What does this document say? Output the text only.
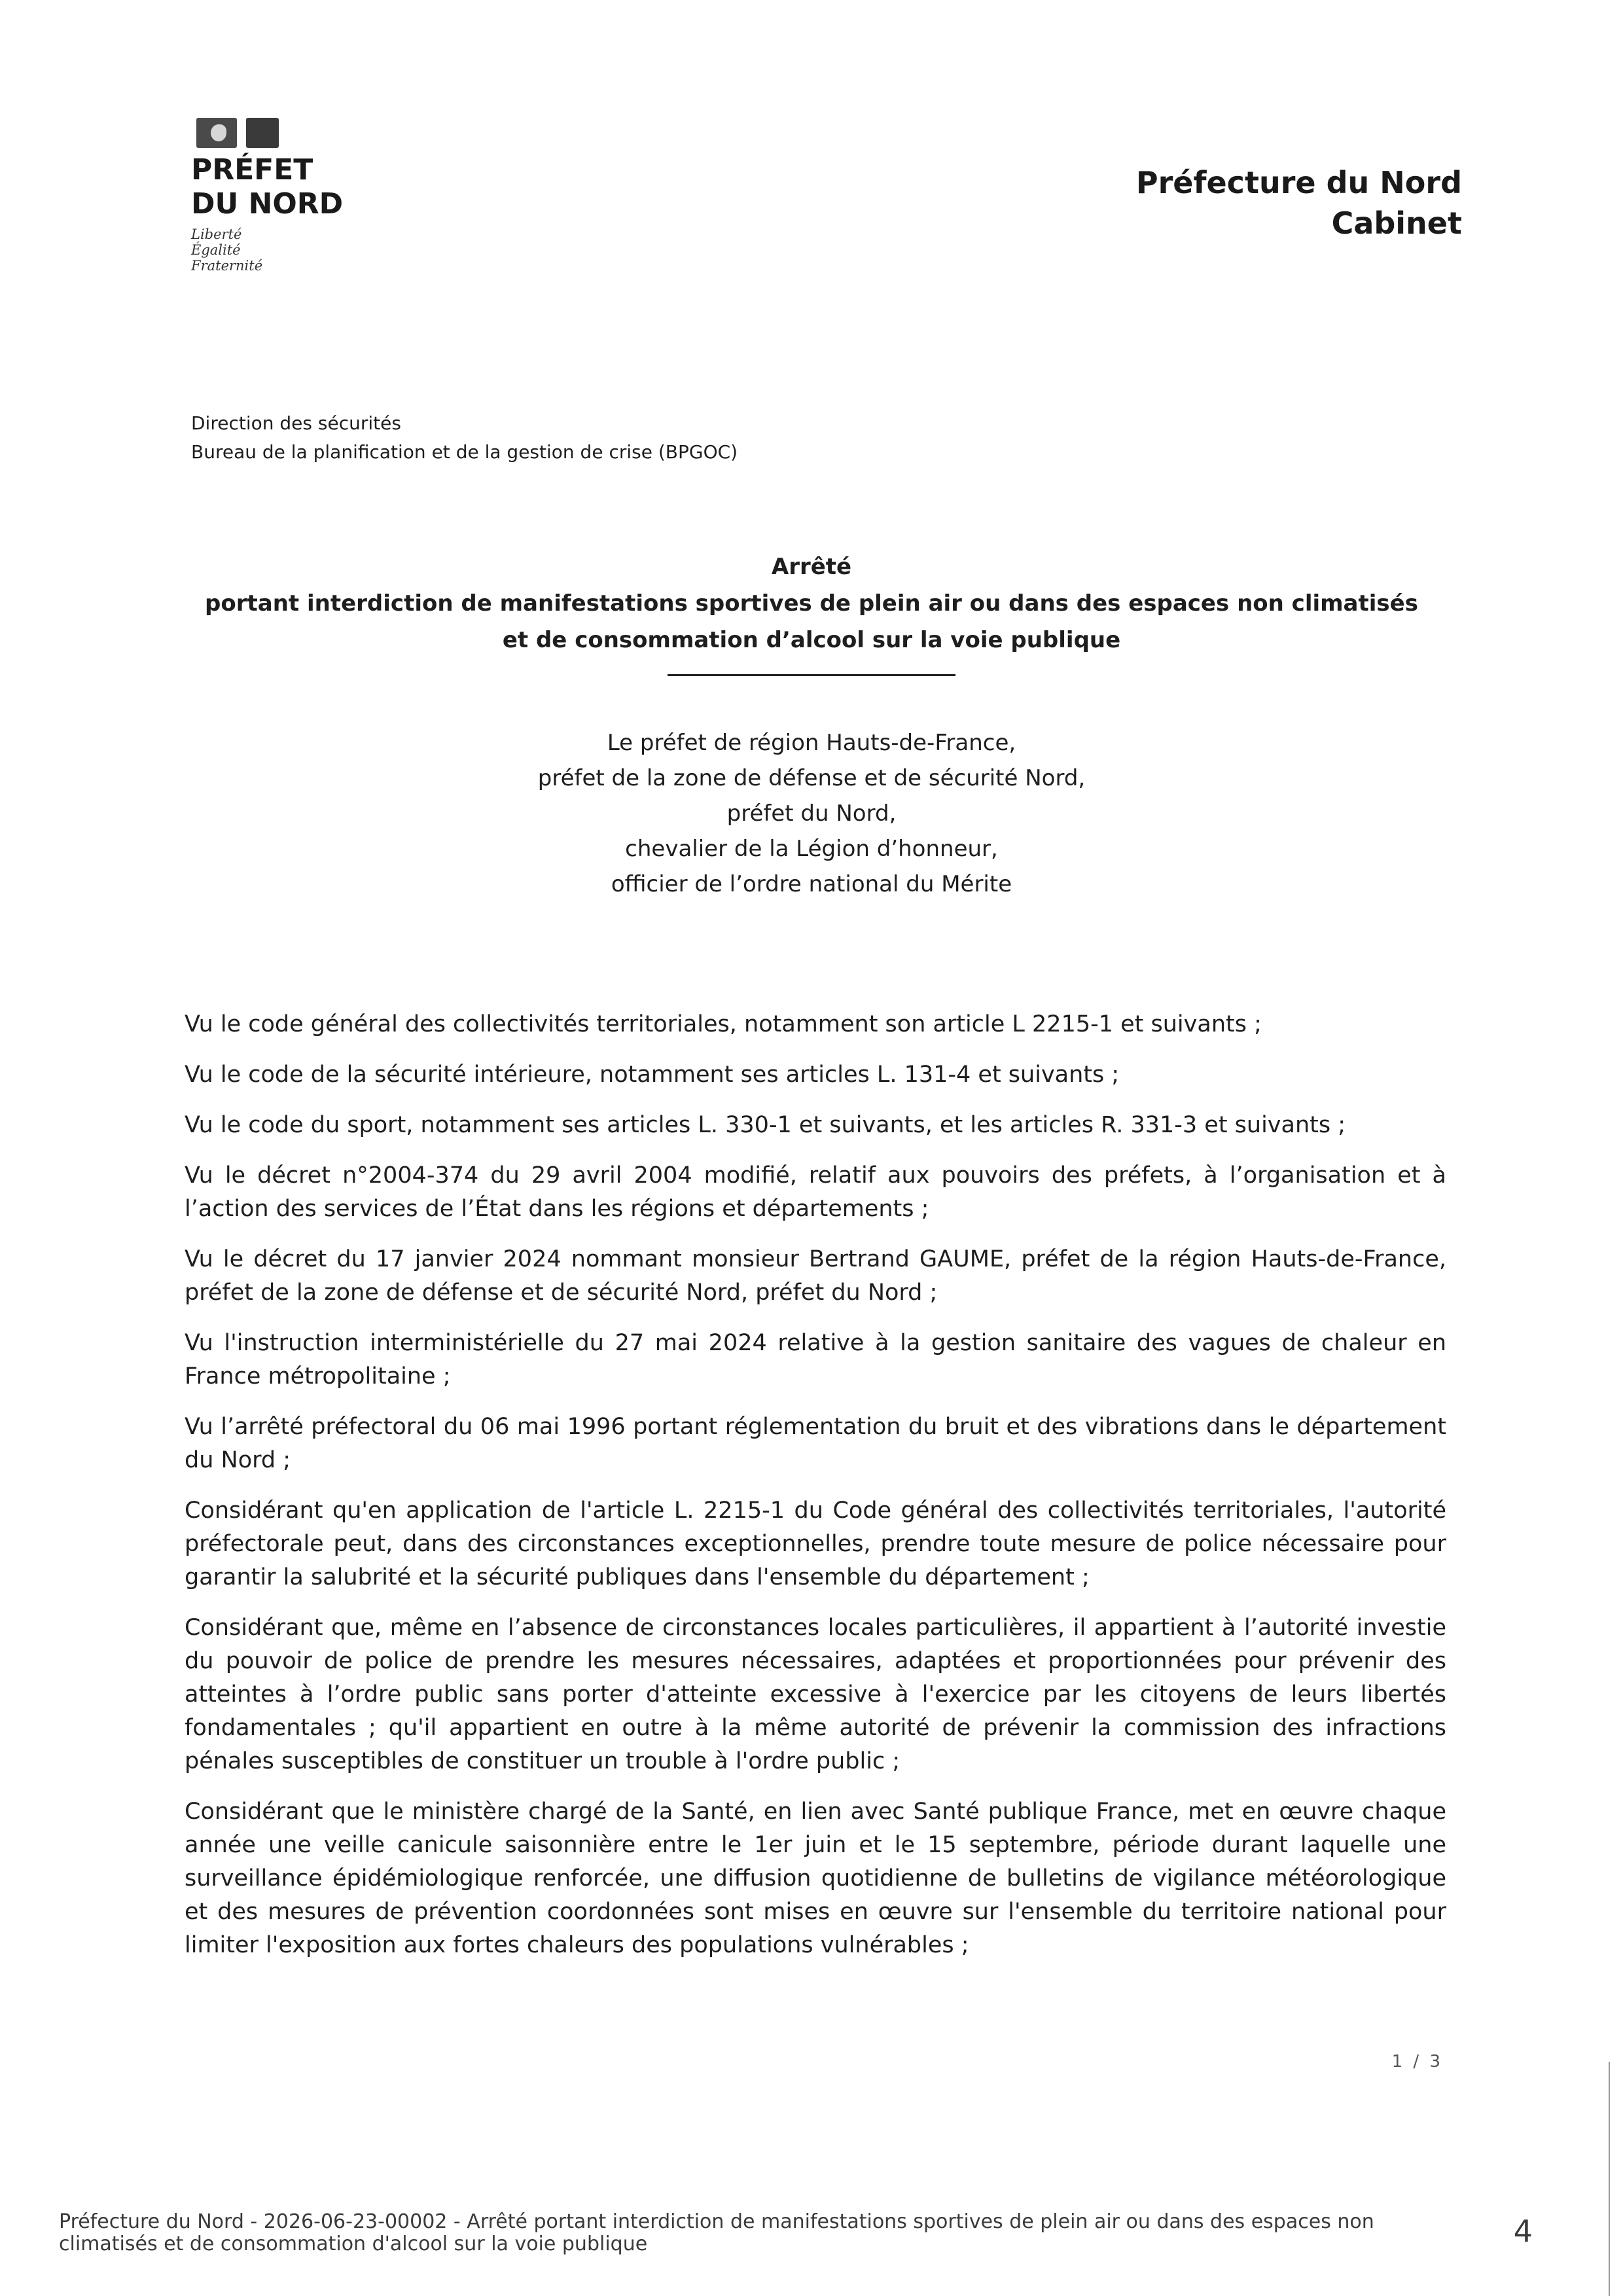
PRÉFET
DU NORD
Liberté
Égalité
Fraternité
Préfecture du Nord
Cabinet
Direction des sécurités
Bureau de la planification et de la gestion de crise (BPGOC)
Arrêté
portant interdiction de manifestations sportives de plein air ou dans des espaces non climatisés
et de consommation d’alcool sur la voie publique
Le préfet de région Hauts-de-France,
préfet de la zone de défense et de sécurité Nord,
préfet du Nord,
chevalier de la Légion d’honneur,
officier de l’ordre national du Mérite

Vu le code général des collectivités territoriales, notamment son article L 2215-1 et suivants ;

Vu le code de la sécurité intérieure, notamment ses articles L. 131-4 et suivants ;

Vu le code du sport, notamment ses articles L. 330-1 et suivants, et les articles R. 331-3 et suivants ;

Vu le décret n°2004-374 du 29 avril 2004 modifié, relatif aux pouvoirs des préfets, à l’organisation et à l’action des services de l’État dans les régions et départements ;

Vu le décret du 17 janvier 2024 nommant monsieur Bertrand GAUME, préfet de la région Hauts-de-France, préfet de la zone de défense et de sécurité Nord, préfet du Nord ;

Vu l'instruction interministérielle du 27 mai 2024 relative à la gestion sanitaire des vagues de chaleur en France métropolitaine ;

Vu l’arrêté préfectoral du 06 mai 1996 portant réglementation du bruit et des vibrations dans le département du Nord ;

Considérant qu'en application de l'article L. 2215-1 du Code général des collectivités territoriales, l'autorité préfectorale peut, dans des circonstances exceptionnelles, prendre toute mesure de police nécessaire pour garantir la salubrité et la sécurité publiques dans l'ensemble du département ;

Considérant que, même en l’absence de circonstances locales particulières, il appartient à l’autorité investie du pouvoir de police de prendre les mesures nécessaires, adaptées et proportionnées pour prévenir des atteintes à l’ordre public sans porter d'atteinte excessive à l'exercice par les citoyens de leurs libertés fondamentales ; qu'il appartient en outre à la même autorité de prévenir la commission des infractions pénales susceptibles de constituer un trouble à l'ordre public ;

Considérant que le ministère chargé de la Santé, en lien avec Santé publique France, met en œuvre chaque année une veille canicule saisonnière entre le 1er juin et le 15 septembre, période durant laquelle une surveillance épidémiologique renforcée, une diffusion quotidienne de bulletins de vigilance météorologique et des mesures de prévention coordonnées sont mises en œuvre sur l'ensemble du territoire national pour limiter l'exposition aux fortes chaleurs des populations vulnérables ;

1 / 3
Préfecture du Nord - 2026-06-23-00002 - Arrêté portant interdiction de manifestations sportives de plein air ou dans des espaces non climatisés et de consommation d'alcool sur la voie publique	4
